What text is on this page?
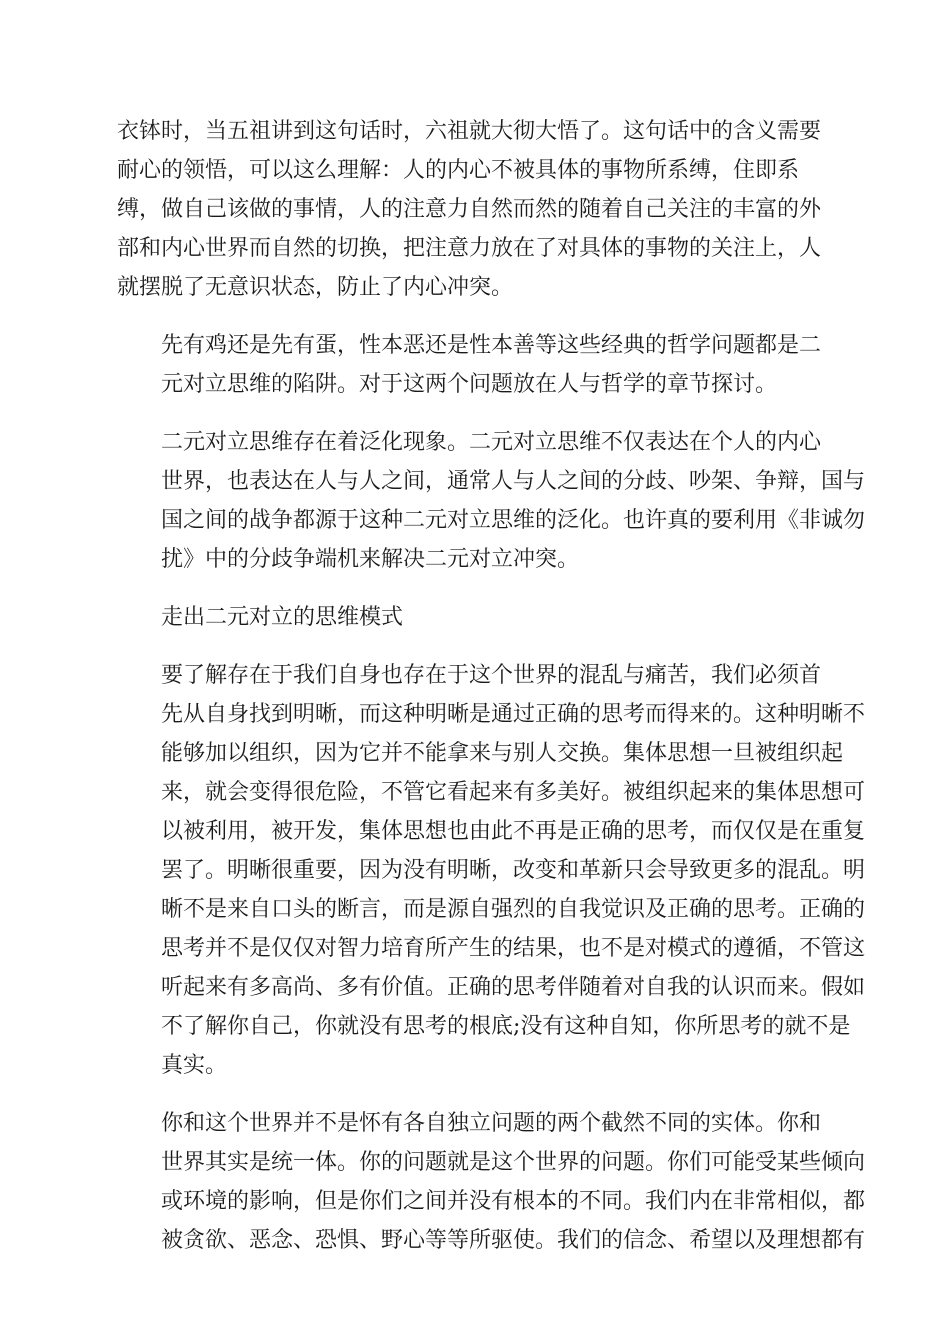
衣钵时，当五祖讲到这句话时，六祖就大彻大悟了。这句话中的含义需要
耐心的领悟，可以这么理解：人的内心不被具体的事物所系缚，住即系
缚，做自己该做的事情，人的注意力自然而然的随着自己关注的丰富的外
部和内心世界而自然的切换，把注意力放在了对具体的事物的关注上，人
就摆脱了无意识状态，防止了内心冲突。

先有鸡还是先有蛋，性本恶还是性本善等这些经典的哲学问题都是二
元对立思维的陷阱。对于这两个问题放在人与哲学的章节探讨。

二元对立思维存在着泛化现象。二元对立思维不仅表达在个人的内心
世界，也表达在人与人之间，通常人与人之间的分歧、吵架、争辩，国与
国之间的战争都源于这种二元对立思维的泛化。也许真的要利用《非诚勿
扰》中的分歧争端机来解决二元对立冲突。

走出二元对立的思维模式

要了解存在于我们自身也存在于这个世界的混乱与痛苦，我们必须首
先从自身找到明晰，而这种明晰是通过正确的思考而得来的。这种明晰不
能够加以组织，因为它并不能拿来与别人交换。集体思想一旦被组织起
来，就会变得很危险，不管它看起来有多美好。被组织起来的集体思想可
以被利用，被开发，集体思想也由此不再是正确的思考，而仅仅是在重复
罢了。明晰很重要，因为没有明晰，改变和革新只会导致更多的混乱。明
晰不是来自口头的断言，而是源自强烈的自我觉识及正确的思考。正确的
思考并不是仅仅对智力培育所产生的结果，也不是对模式的遵循，不管这
听起来有多高尚、多有价值。正确的思考伴随着对自我的认识而来。假如
不了解你自己，你就没有思考的根底;没有这种自知，你所思考的就不是
真实。

你和这个世界并不是怀有各自独立问题的两个截然不同的实体。你和
世界其实是统一体。你的问题就是这个世界的问题。你们可能受某些倾向
或环境的影响，但是你们之间并没有根本的不同。我们内在非常相似，都
被贪欲、恶念、恐惧、野心等等所驱使。我们的信念、希望以及理想都有
